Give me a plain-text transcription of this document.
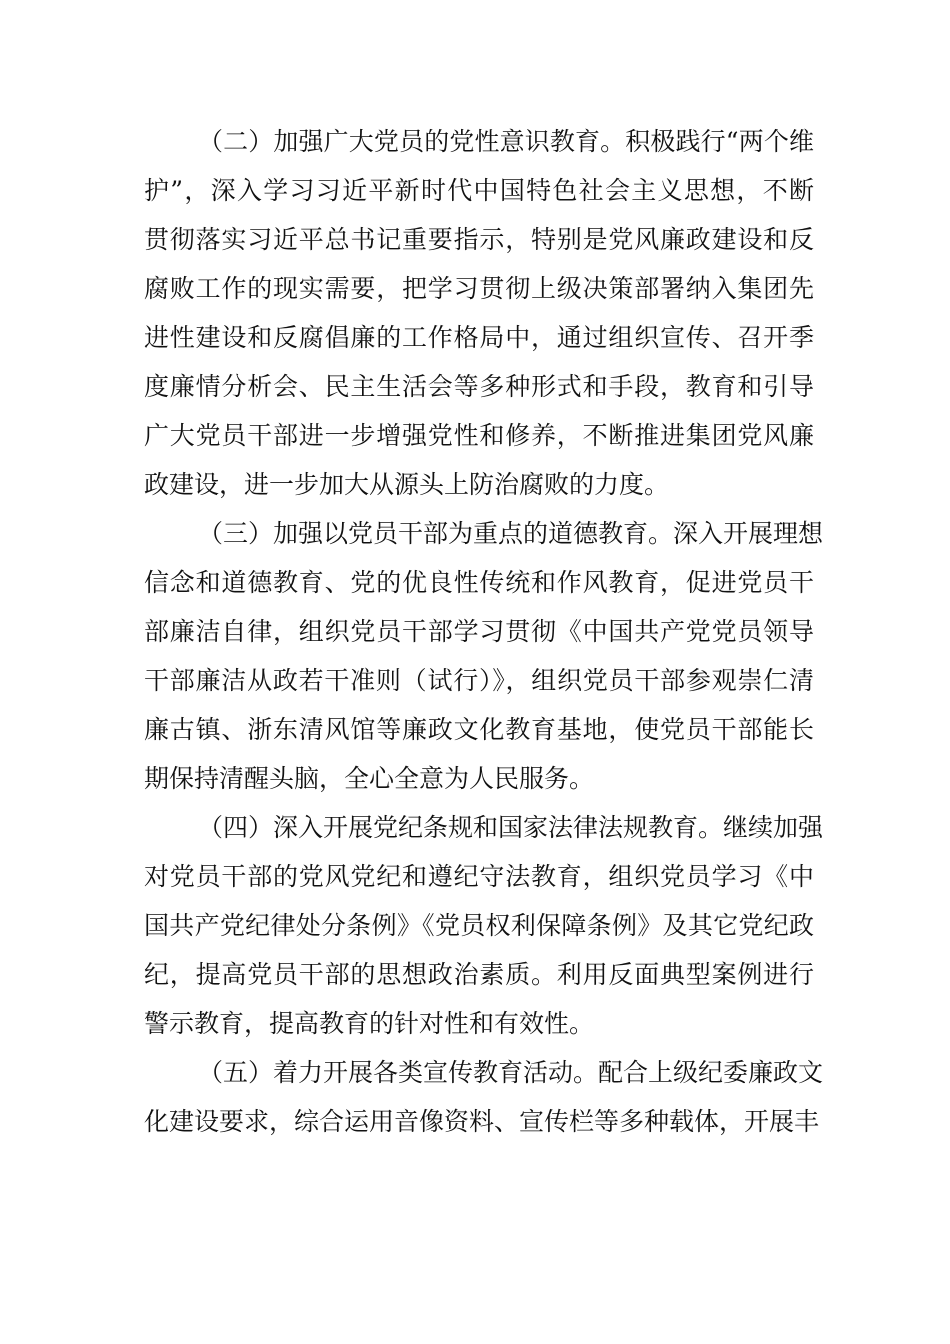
（二）加强广大党员的党性意识教育。积极践行“两个维
护”，深入学习习近平新时代中国特色社会主义思想，不断
贯彻落实习近平总书记重要指示，特别是党风廉政建设和反
腐败工作的现实需要，把学习贯彻上级决策部署纳入集团先
进性建设和反腐倡廉的工作格局中，通过组织宣传、召开季
度廉情分析会、民主生活会等多种形式和手段，教育和引导
广大党员干部进一步增强党性和修养，不断推进集团党风廉
政建设，进一步加大从源头上防治腐败的力度。
（三）加强以党员干部为重点的道德教育。深入开展理想
信念和道德教育、党的优良性传统和作风教育，促进党员干
部廉洁自律，组织党员干部学习贯彻《中国共产党党员领导
干部廉洁从政若干准则（试行）》，组织党员干部参观崇仁清
廉古镇、浙东清风馆等廉政文化教育基地，使党员干部能长
期保持清醒头脑，全心全意为人民服务。
（四）深入开展党纪条规和国家法律法规教育。继续加强
对党员干部的党风党纪和遵纪守法教育，组织党员学习《中
国共产党纪律处分条例》《党员权利保障条例》及其它党纪政
纪，提高党员干部的思想政治素质。利用反面典型案例进行
警示教育，提高教育的针对性和有效性。
（五）着力开展各类宣传教育活动。配合上级纪委廉政文
化建设要求，综合运用音像资料、宣传栏等多种载体，开展丰
